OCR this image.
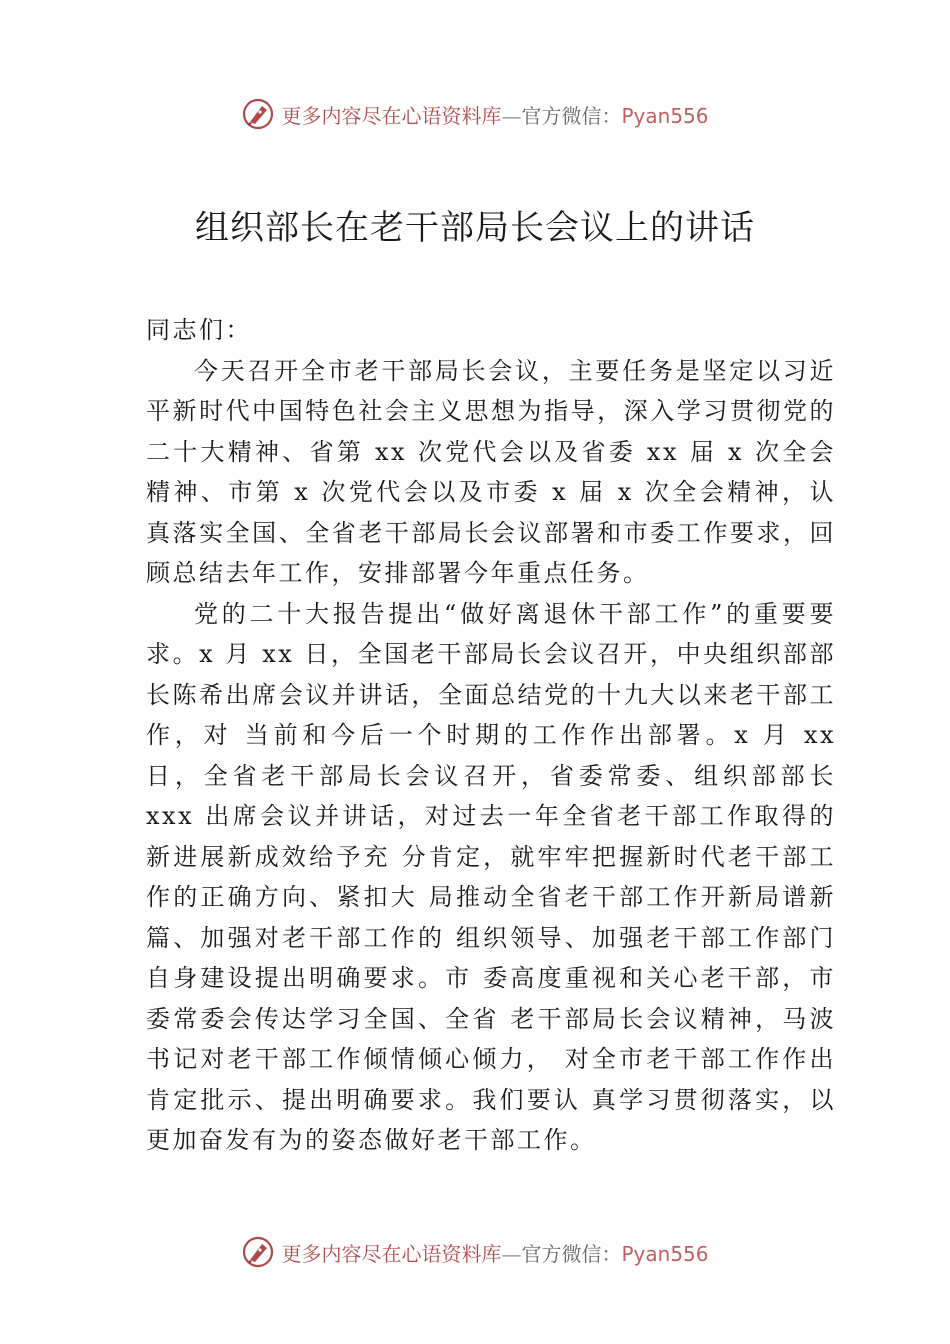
更多内容尽在心语资料库—官方微信：Pyan556
组织部长在老干部局长会议上的讲话

同志们：

今天召开全市老干部局长会议，主要任务是坚定以习近平新时代中国特色社会主义思想为指导，深入学习贯彻党的二十大精神、省第 xx 次党代会以及省委 xx 届 x 次全会精神、市第 x 次党代会以及市委 x 届 x 次全会精神，认真落实全国、全省老干部局长会议部署和市委工作要求，回顾总结去年工作，安排部署今年重点任务。

党的二十大报告提出“做好离退休干部工作”的重要要求。x 月 xx 日，全国老干部局长会议召开，中央组织部部长陈希出席会议并讲话，全面总结党的十九大以来老干部工作，对 当前和今后一个时期的工作作出部署。x 月 xx 日，全省老干部局长会议召开，省委常委、组织部部长 xxx 出席会议并讲话，对过去一年全省老干部工作取得的新进展新成效给予充 分肯定，就牢牢把握新时代老干部工作的正确方向、紧扣大 局推动全省老干部工作开新局谱新篇、加强对老干部工作的 组织领导、加强老干部工作部门自身建设提出明确要求。市 委高度重视和关心老干部，市委常委会传达学习全国、全省 老干部局长会议精神，马波书记对老干部工作倾情倾心倾力， 对全市老干部工作作出肯定批示、提出明确要求。我们要认 真学习贯彻落实，以更加奋发有为的姿态做好老干部工作。

更多内容尽在心语资料库—官方微信：Pyan556
